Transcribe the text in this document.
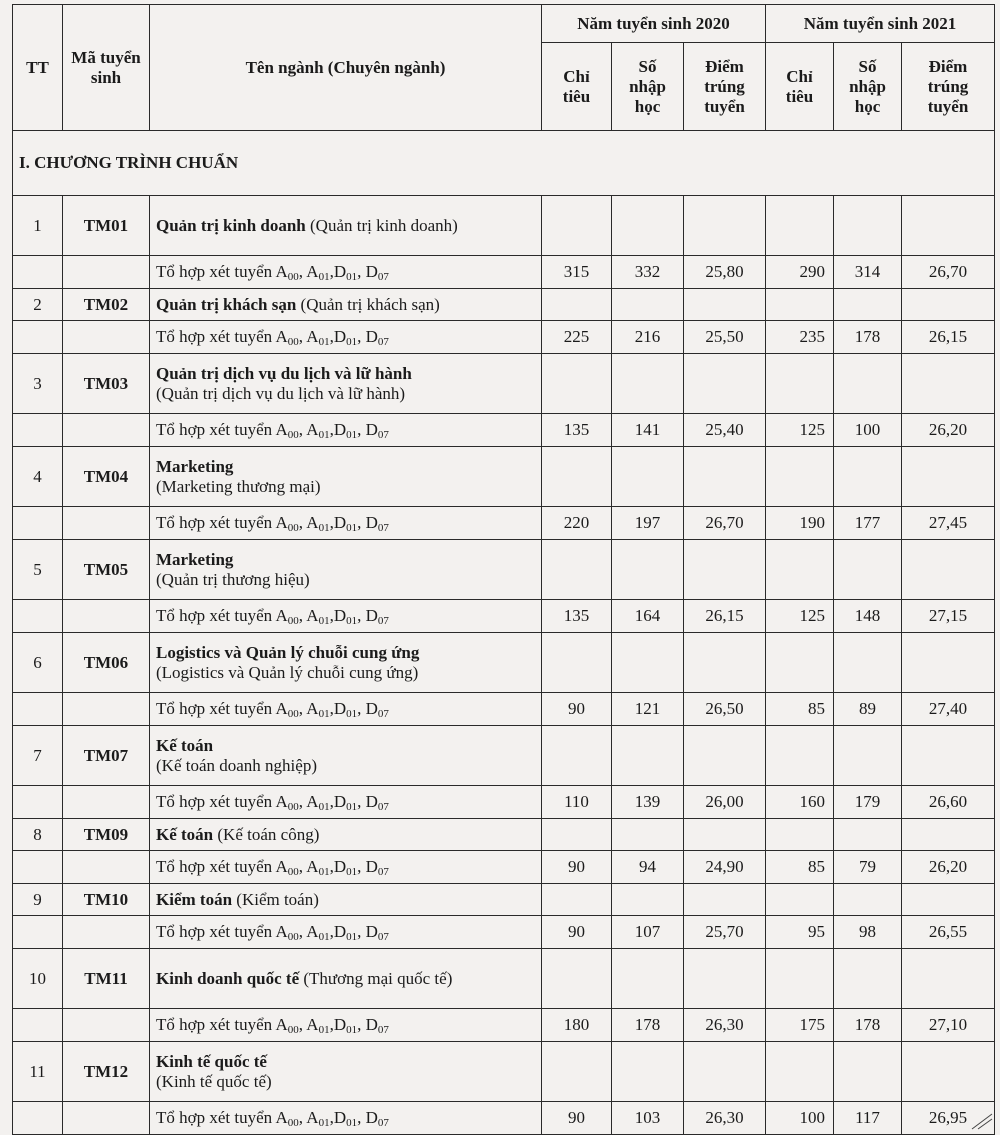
TT	Mã tuyển sinh	Tên ngành (Chuyên ngành)	Năm tuyển sinh 2020			Năm tuyển sinh 2021		
			Chỉ tiêu	Số nhập học	Điểm trúng tuyển	Chỉ tiêu	Số nhập học	Điểm trúng tuyển
I. CHƯƠNG TRÌNH CHUẨN								
1	TM01	Quản trị kinh doanh (Quản trị kinh doanh)						
		Tổ hợp xét tuyển $A_{00}$, $A_{01},D_{01}$, $D_{07}$	315	332	25,80	290	314	26,70
2	TM02	Quản trị khách sạn (Quản trị khách sạn)						
		Tổ hợp xét tuyển $A_{00}$, $A_{01},D_{01}$, $D_{07}$	225	216	25,50	235	178	26,15
3	TM03	Quản trị dịch vụ du lịch và lữ hành
(Quản trị dịch vụ du lịch và lữ hành)						
		Tổ hợp xét tuyển $A_{00}$, $A_{01},D_{01}$, $D_{07}$	135	141	25,40	125	100	26,20
4	TM04	Marketing
(Marketing thương mại)						
		Tổ hợp xét tuyển $A_{00}$, $A_{01},D_{01}$, $D_{07}$	220	197	26,70	190	177	27,45
5	TM05	Marketing
(Quản trị thương hiệu)						
		Tổ hợp xét tuyển $A_{00}$, $A_{01},D_{01}$, $D_{07}$	135	164	26,15	125	148	27,15
6	TM06	Logistics và Quản lý chuỗi cung ứng
(Logistics và Quản lý chuỗi cung ứng)						
		Tổ hợp xét tuyển $A_{00}$, $A_{01},D_{01}$, $D_{07}$	90	121	26,50	85	89	27,40
7	TM07	Kế toán
(Kế toán doanh nghiệp)						
		Tổ hợp xét tuyển $A_{00}$, $A_{01},D_{01}$, $D_{07}$	110	139	26,00	160	179	26,60
8	TM09	Kế toán (Kế toán công)						
		Tổ hợp xét tuyển $A_{00}$, $A_{01},D_{01}$, $D_{07}$	90	94	24,90	85	79	26,20
9	TM10	Kiểm toán (Kiểm toán)						
		Tổ hợp xét tuyển $A_{00}$, $A_{01},D_{01}$, $D_{07}$	90	107	25,70	95	98	26,55
10	TM11	Kinh doanh quốc tế (Thương mại quốc tế)						
		Tổ hợp xét tuyển $A_{00}$, $A_{01},D_{01}$, $D_{07}$	180	178	26,30	175	178	27,10
11	TM12	Kinh tế quốc tế
(Kinh tế quốc tế)						
		Tổ hợp xét tuyển $A_{00}$, $A_{01},D_{01}$, $D_{07}$	90	103	26,30	100	117	26,95
